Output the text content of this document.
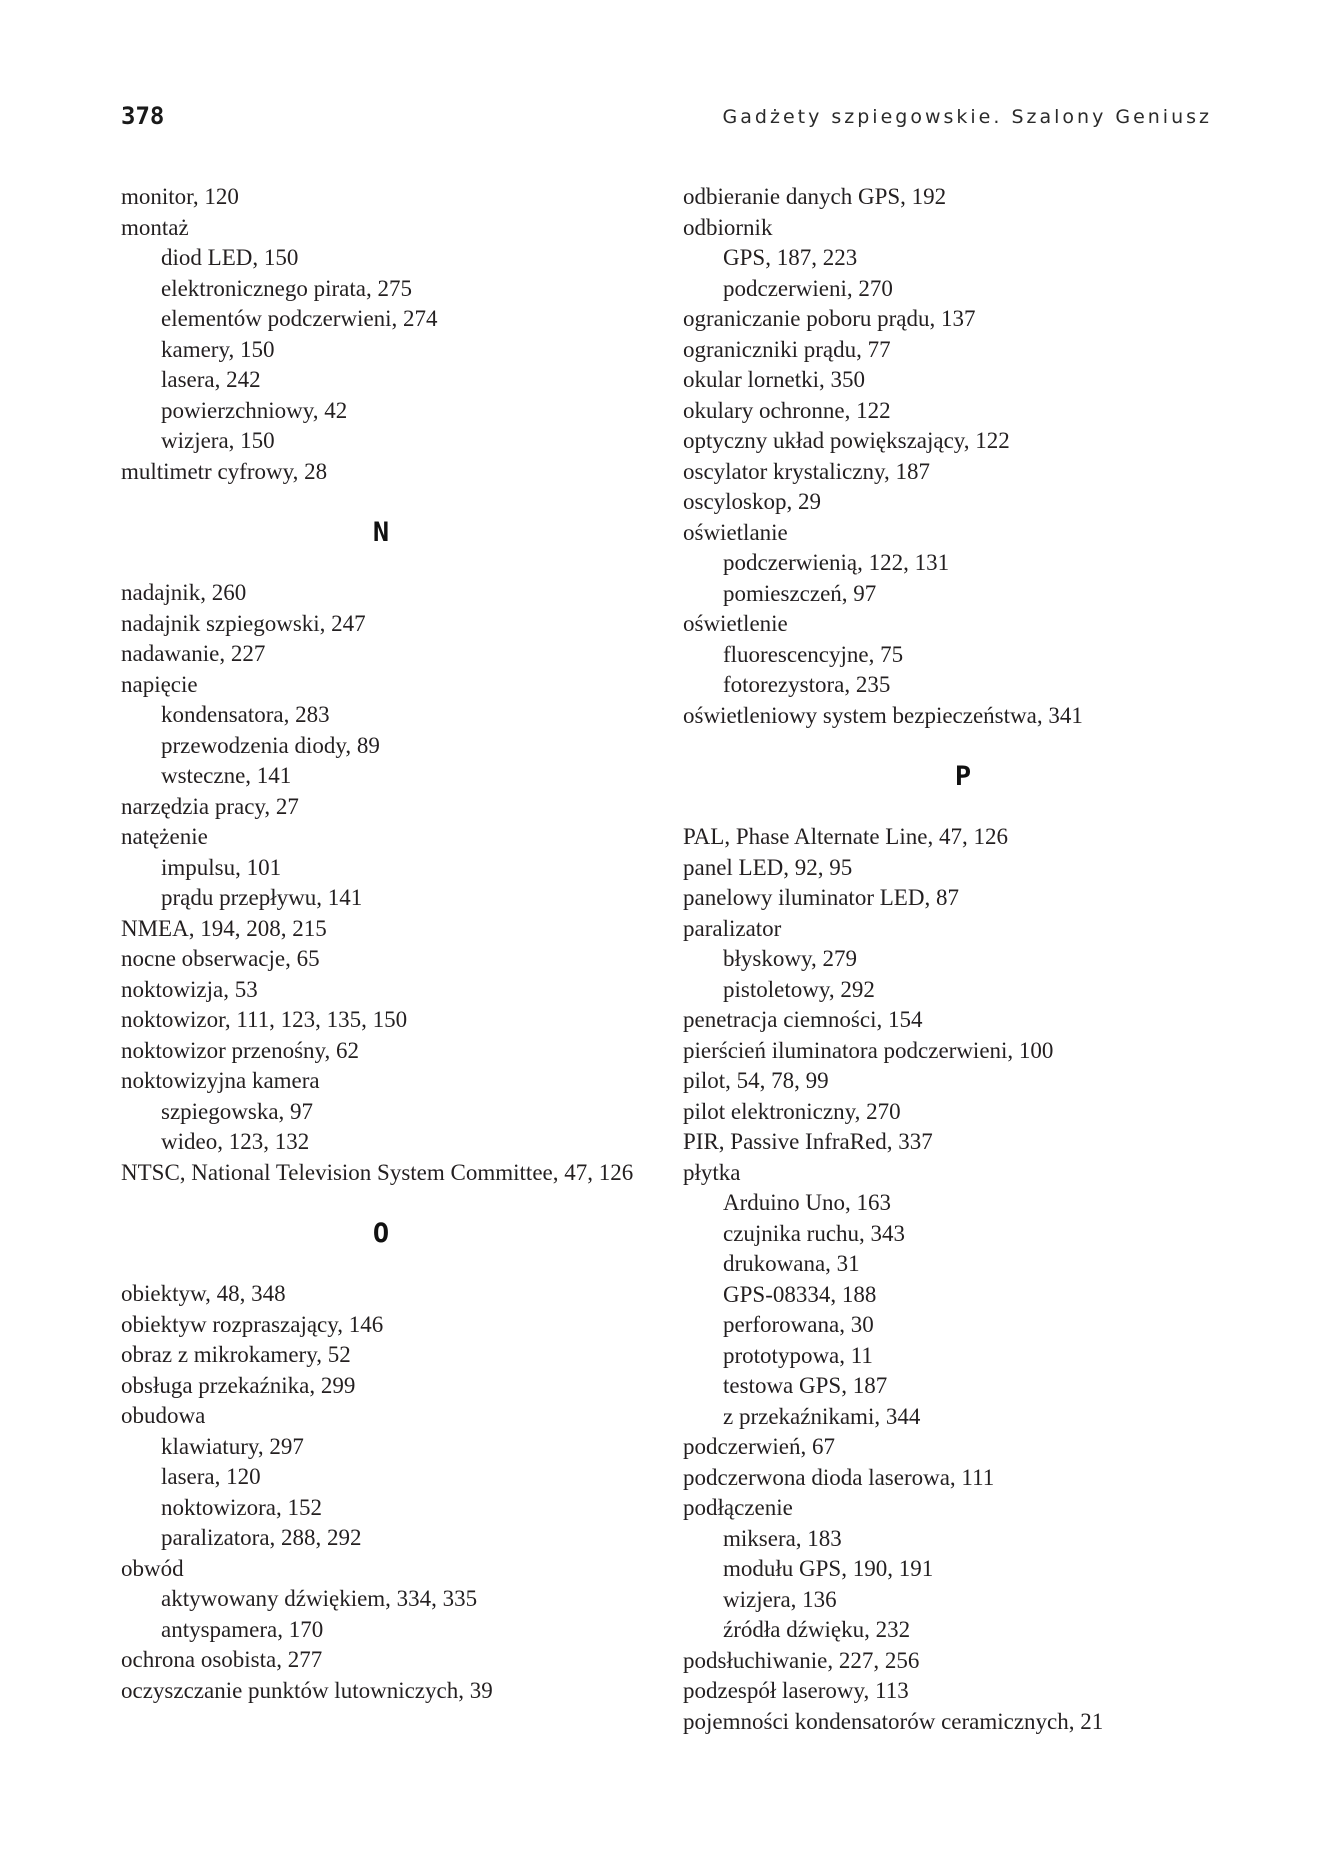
378	Gadżety szpiegowskie. Szalony Geniusz
monitor, 120
montaż
diod LED, 150
elektronicznego pirata, 275
elementów podczerwieni, 274
kamery, 150
lasera, 242
powierzchniowy, 42
wizjera, 150
multimetr cyfrowy, 28
N
nadajnik, 260
nadajnik szpiegowski, 247
nadawanie, 227
napięcie
kondensatora, 283
przewodzenia diody, 89
wsteczne, 141
narzędzia pracy, 27
natężenie
impulsu, 101
prądu przepływu, 141
NMEA, 194, 208, 215
nocne obserwacje, 65
noktowizja, 53
noktowizor, 111, 123, 135, 150
noktowizor przenośny, 62
noktowizyjna kamera
szpiegowska, 97
wideo, 123, 132
NTSC, National Television System Committee, 47, 126
O
obiektyw, 48, 348
obiektyw rozpraszający, 146
obraz z mikrokamery, 52
obsługa przekaźnika, 299
obudowa
klawiatury, 297
lasera, 120
noktowizora, 152
paralizatora, 288, 292
obwód
aktywowany dźwiękiem, 334, 335
antyspamera, 170
ochrona osobista, 277
oczyszczanie punktów lutowniczych, 39
odbieranie danych GPS, 192
odbiornik
GPS, 187, 223
podczerwieni, 270
ograniczanie poboru prądu, 137
ograniczniki prądu, 77
okular lornetki, 350
okulary ochronne, 122
optyczny układ powiększający, 122
oscylator krystaliczny, 187
oscyloskop, 29
oświetlanie
podczerwienią, 122, 131
pomieszczeń, 97
oświetlenie
fluorescencyjne, 75
fotorezystora, 235
oświetleniowy system bezpieczeństwa, 341
P
PAL, Phase Alternate Line, 47, 126
panel LED, 92, 95
panelowy iluminator LED, 87
paralizator
błyskowy, 279
pistoletowy, 292
penetracja ciemności, 154
pierścień iluminatora podczerwieni, 100
pilot, 54, 78, 99
pilot elektroniczny, 270
PIR, Passive InfraRed, 337
płytka
Arduino Uno, 163
czujnika ruchu, 343
drukowana, 31
GPS-08334, 188
perforowana, 30
prototypowa, 11
testowa GPS, 187
z przekaźnikami, 344
podczerwień, 67
podczerwona dioda laserowa, 111
podłączenie
miksera, 183
modułu GPS, 190, 191
wizjera, 136
źródła dźwięku, 232
podsłuchiwanie, 227, 256
podzespół laserowy, 113
pojemności kondensatorów ceramicznych, 21
